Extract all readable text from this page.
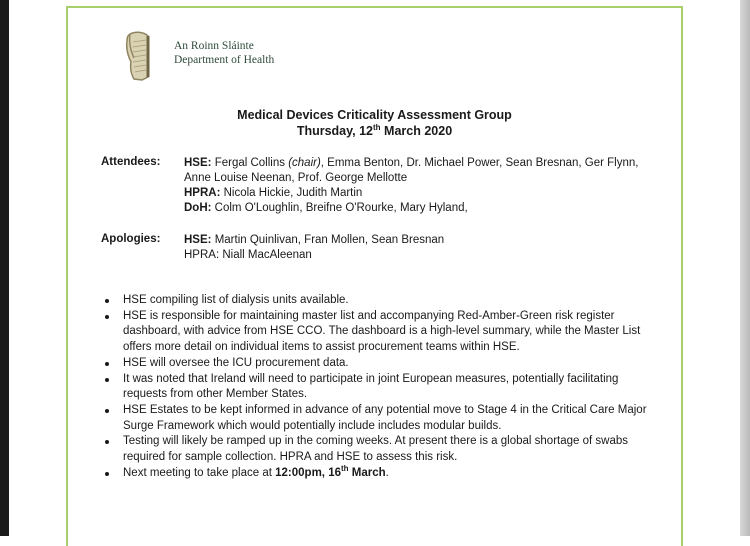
An Roinn Sláinte
Department of Health
Medical Devices Criticality Assessment Group
Thursday, 12th March 2020
Attendees: HSE: Fergal Collins (chair), Emma Benton, Dr. Michael Power, Sean Bresnan, Ger Flynn,
Anne Louise Neenan, Prof. George Mellotte
HPRA: Nicola Hickie, Judith Martin
DoH: Colm O'Loughlin, Breifne O'Rourke, Mary Hyland,
Apologies: HSE: Martin Quinlivan, Fran Mollen, Sean Bresnan
HPRA: Niall MacAleenan
HSE compiling list of dialysis units available.
HSE is responsible for maintaining master list and accompanying Red-Amber-Green risk register
dashboard, with advice from HSE CCO. The dashboard is a high-level summary, while the Master List
offers more detail on individual items to assist procurement teams within HSE.
HSE will oversee the ICU procurement data.
It was noted that Ireland will need to participate in joint European measures, potentially facilitating
requests from other Member States.
HSE Estates to be kept informed in advance of any potential move to Stage 4 in the Critical Care Major
Surge Framework which would potentially include includes modular builds.
Testing will likely be ramped up in the coming weeks. At present there is a global shortage of swabs
required for sample collection. HPRA and HSE to assess this risk.
Next meeting to take place at 12:00pm, 16th March.
